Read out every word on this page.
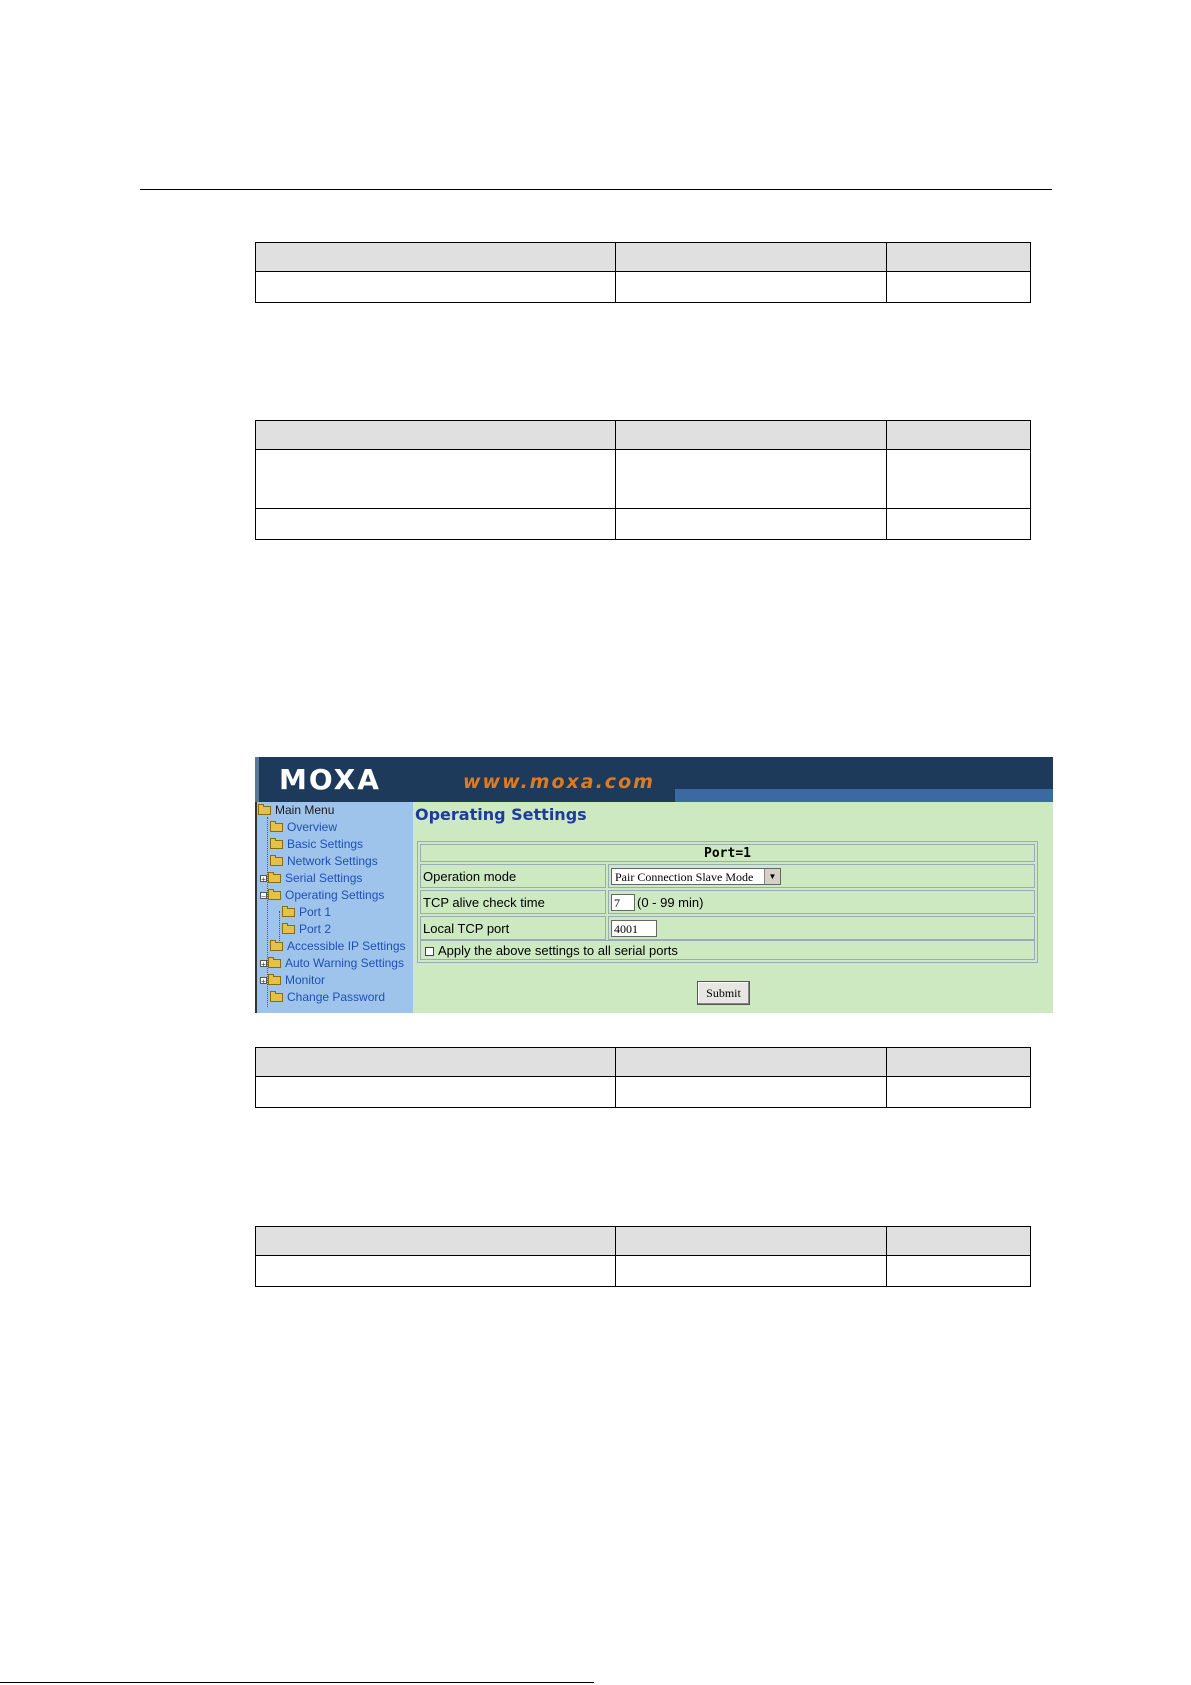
MOXA	www.moxa.com
Main Menu
Overview
Basic Settings
Network Settings
+ Serial Settings
− Operating Settings
Port 1
Port 2
Accessible IP Settings
+ Auto Warning Settings
+ Monitor
Change Password
Operating Settings
Port=1
Operation mode	Pair Connection Slave Mode	▼
TCP alive check time	7	(0 - 99 min)
Local TCP port	4001
Apply the above settings to all serial ports
Submit
